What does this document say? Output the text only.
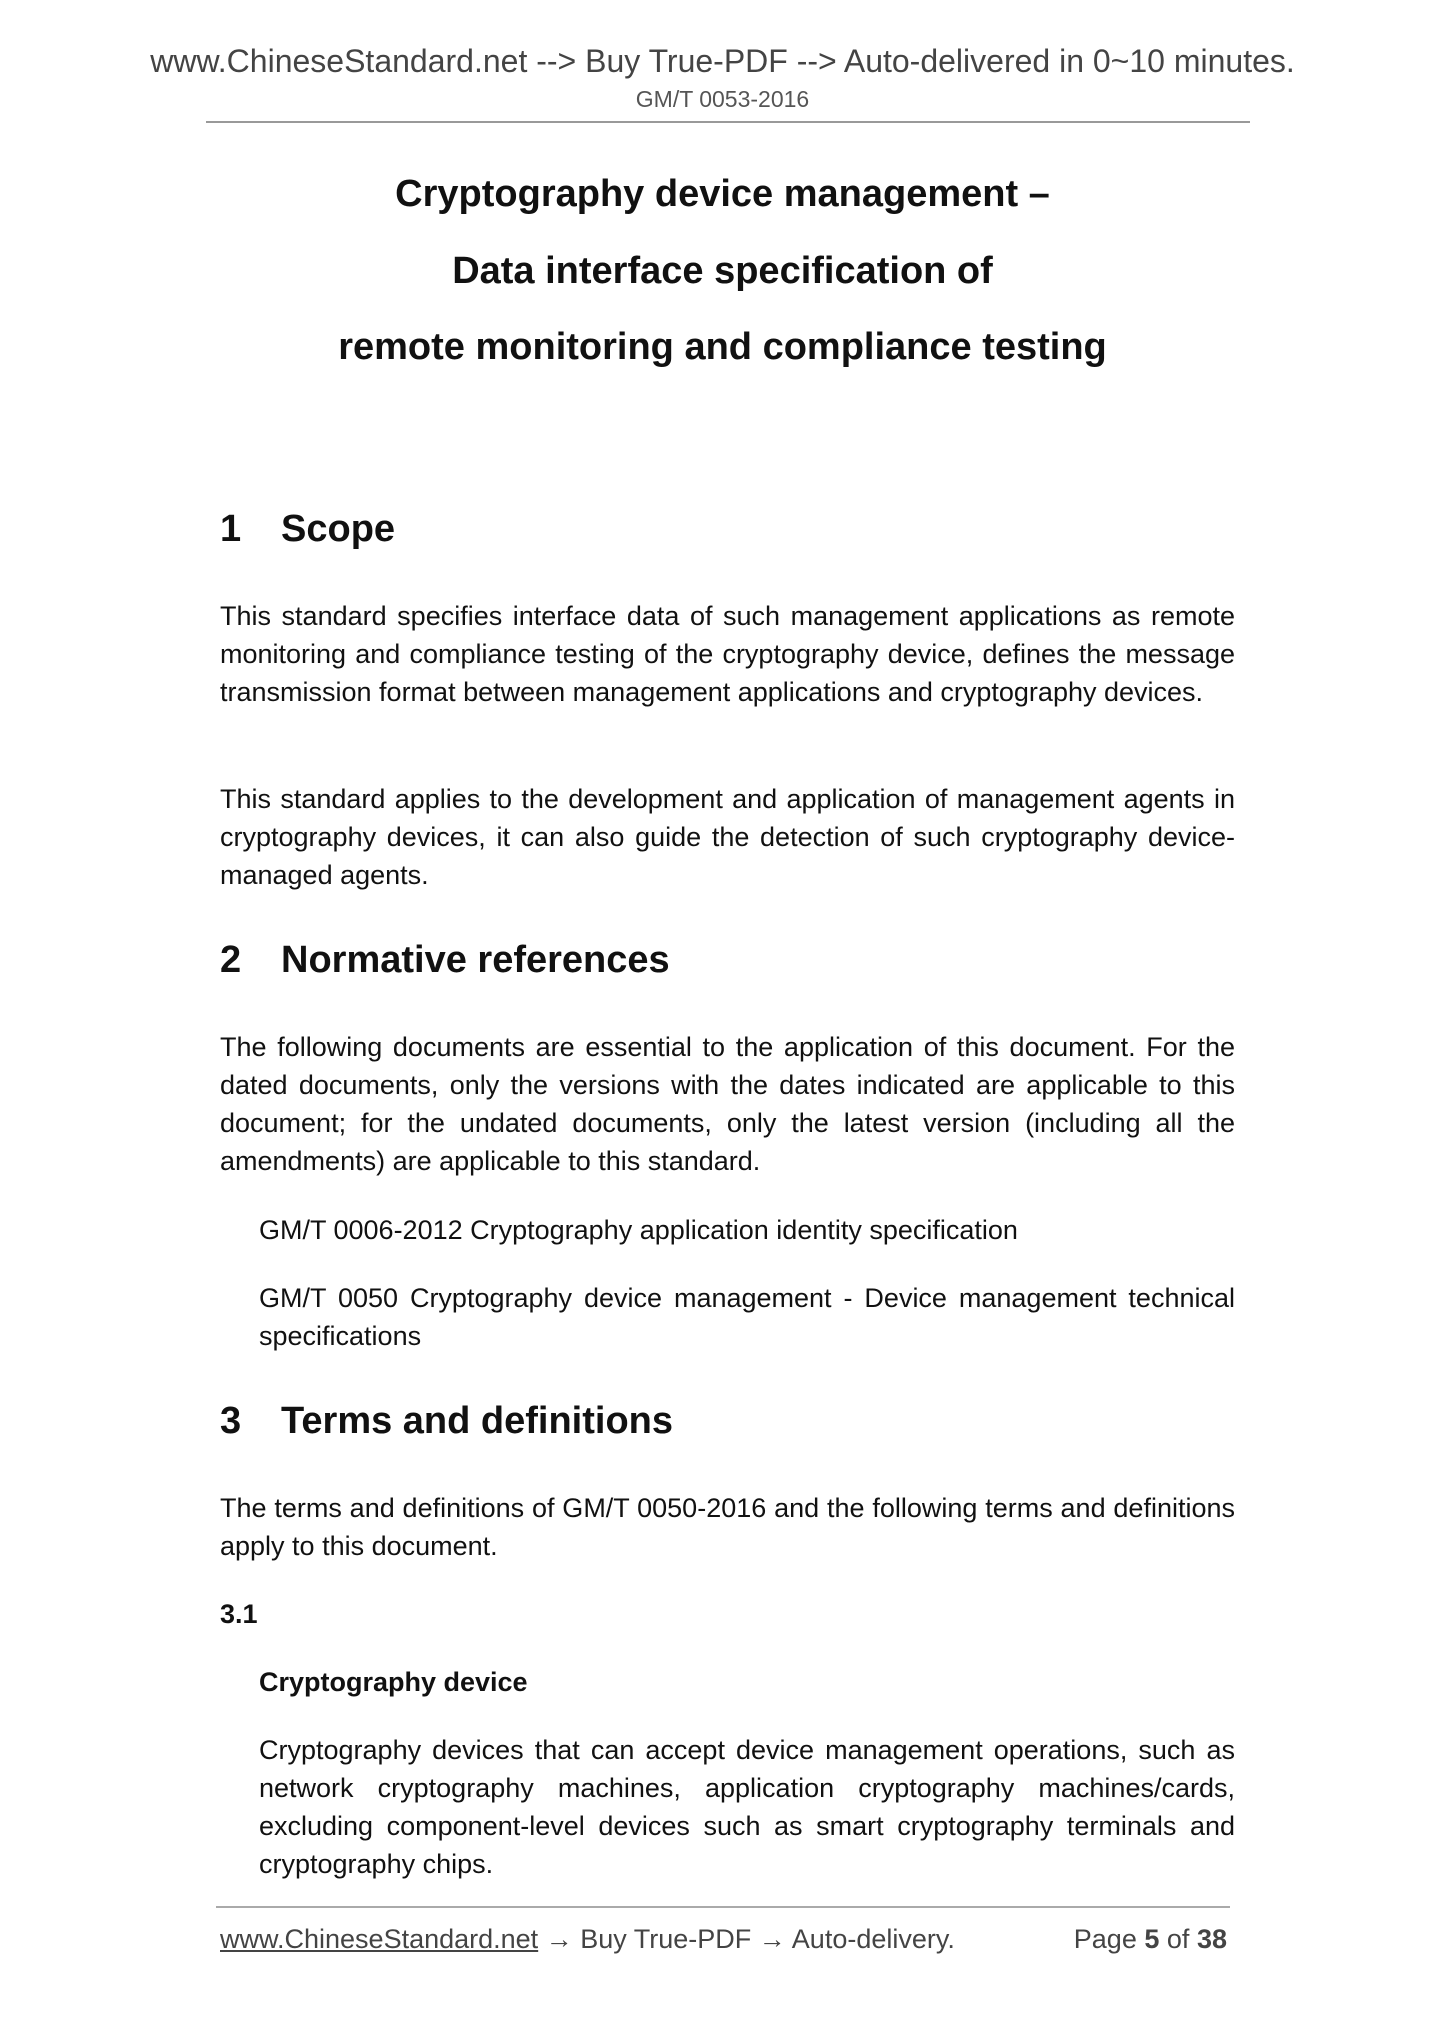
www.ChineseStandard.net --> Buy True-PDF --> Auto-delivered in 0~10 minutes.
GM/T 0053-2016
Cryptography device management –
Data interface specification of
remote monitoring and compliance testing
1 Scope
This standard specifies interface data of such management applications as remote monitoring and compliance testing of the cryptography device, defines the message transmission format between management applications and cryptography devices.
This standard applies to the development and application of management agents in cryptography devices, it can also guide the detection of such cryptography device-managed agents.
2 Normative references
The following documents are essential to the application of this document. For the dated documents, only the versions with the dates indicated are applicable to this document; for the undated documents, only the latest version (including all the amendments) are applicable to this standard.
GM/T 0006-2012 Cryptography application identity specification
GM/T 0050 Cryptography device management - Device management technical specifications
3 Terms and definitions
The terms and definitions of GM/T 0050-2016 and the following terms and definitions apply to this document.
3.1
Cryptography device
Cryptography devices that can accept device management operations, such as network cryptography machines, application cryptography machines/cards, excluding component-level devices such as smart cryptography terminals and cryptography chips.
www.ChineseStandard.net → Buy True-PDF → Auto-delivery.	Page 5 of 38
